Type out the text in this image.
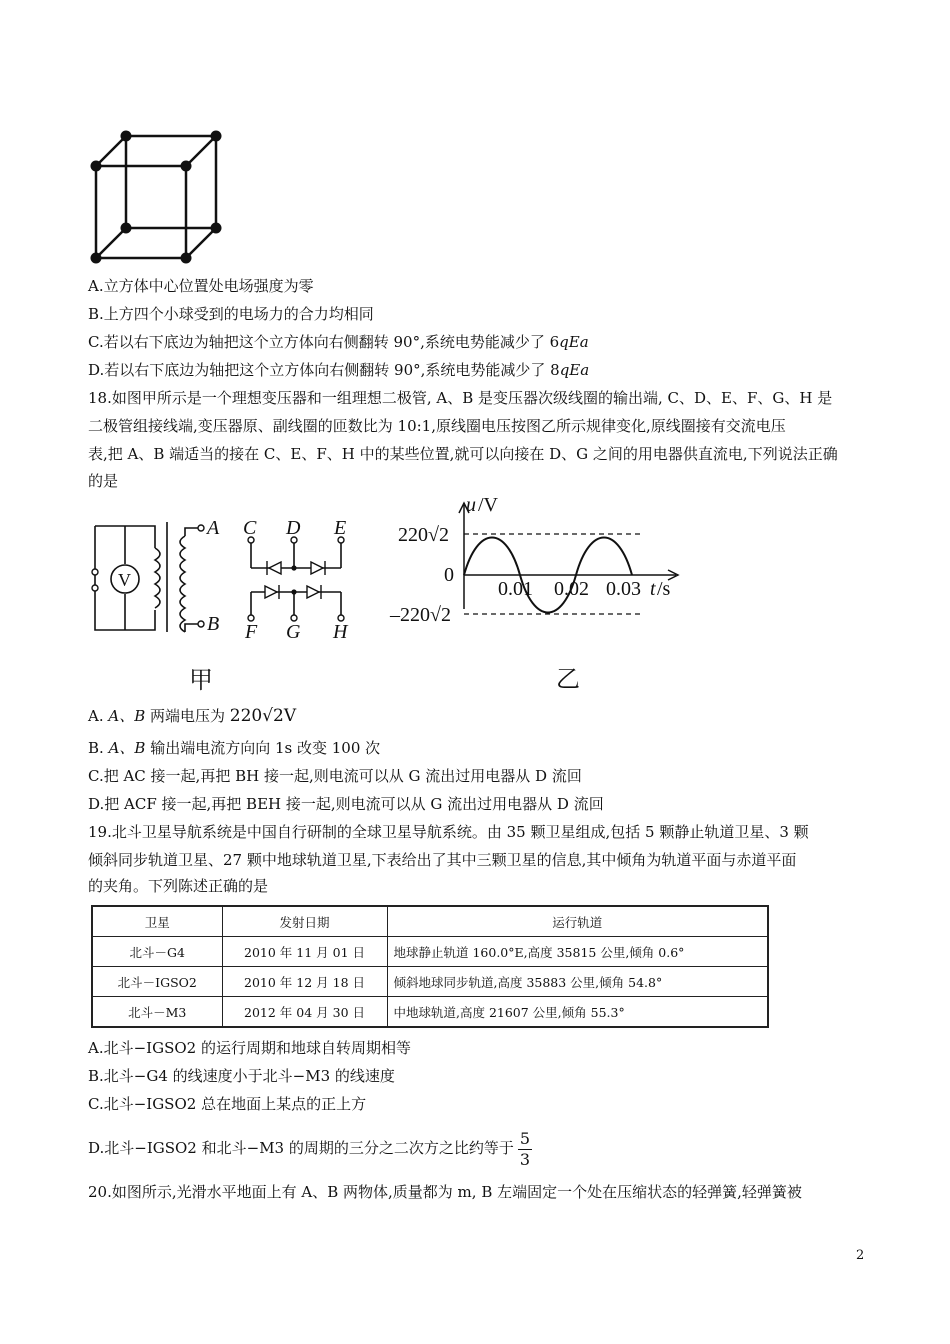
A.立方体中心位置处电场强度为零
B.上方四个小球受到的电场力的合力均相同
C.若以右下底边为轴把这个立方体向右侧翻转 90°,系统电势能减少了 6qEa
D.若以右下底边为轴把这个立方体向右侧翻转 90°,系统电势能减少了 8qEa
18.如图甲所示是一个理想变压器和一组理想二极管, A、B 是变压器次级线圈的输出端, C、D、E、F、G、H 是
二极管组接线端,变压器原、副线圈的匝数比为 10:1,原线圈电压按图乙所示规律变化,原线圈接有交流电压
表,把 A、B 端适当的接在 C、E、F、H 中的某些位置,就可以向接在 D、G 之间的用电器供直流电,下列说法正确
的是
A
B
C D E
F G H
V
甲
u /V
220√2
0
–220√2
0.01 0.02 0.03 t /s
乙
A. A、B 两端电压为 220√2V
B. A、B 输出端电流方向向 1s 改变 100 次
C.把 AC 接一起,再把 BH 接一起,则电流可以从 G 流出过用电器从 D 流回
D.把 ACF 接一起,再把 BEH 接一起,则电流可以从 G 流出过用电器从 D 流回
19.北斗卫星导航系统是中国自行研制的全球卫星导航系统。由 35 颗卫星组成,包括 5 颗静止轨道卫星、3 颗
倾斜同步轨道卫星、27 颗中地球轨道卫星,下表给出了其中三颗卫星的信息,其中倾角为轨道平面与赤道平面
的夹角。下列陈述正确的是
卫星	发射日期	运行轨道
北斗－G4	2010 年 11 月 01 日	地球静止轨道 160.0°E,高度 35815 公里,倾角 0.6°
北斗－IGSO2	2010 年 12 月 18 日	倾斜地球同步轨道,高度 35883 公里,倾角 54.8°
北斗－M3	2012 年 04 月 30 日	中地球轨道,高度 21607 公里,倾角 55.3°
A.北斗−IGSO2 的运行周期和地球自转周期相等
B.北斗−G4 的线速度小于北斗−M3 的线速度
C.北斗−IGSO2 总在地面上某点的正上方
D.北斗−IGSO2 和北斗−M3 的周期的三分之二次方之比约等于 $\frac{5}{3}$
20.如图所示,光滑水平地面上有 A、B 两物体,质量都为 m, B 左端固定一个处在压缩状态的轻弹簧,轻弹簧被
2
